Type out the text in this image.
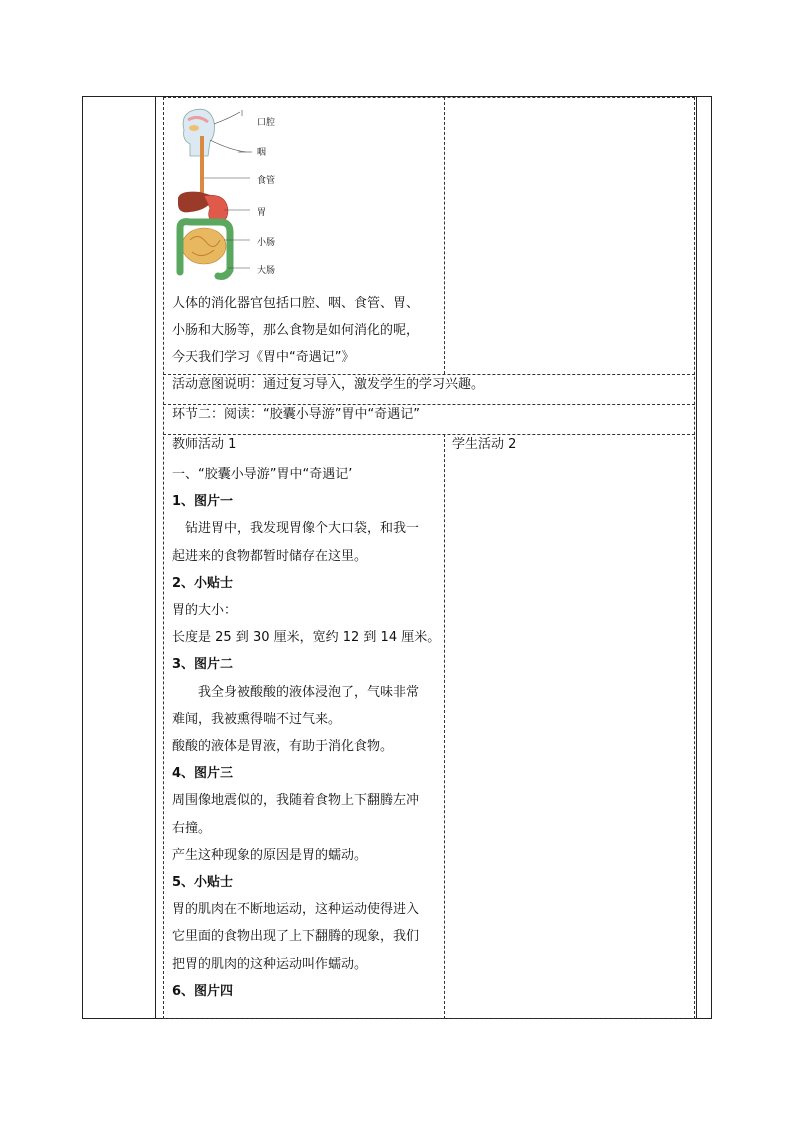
口腔
咽
食管
胃
小肠
大肠
人体的消化器官包括口腔、咽、食管、胃、
小肠和大肠等，那么食物是如何消化的呢，
今天我们学习《胃中“奇遇记”》
活动意图说明：通过复习导入，激发学生的学习兴趣。
环节二：阅读：“胶囊小导游”胃中“奇遇记”
教师活动 1	学生活动 2
一、“胶囊小导游”胃中“奇遇记’
1、图片一
　钻进胃中，我发现胃像个大口袋，和我一
起进来的食物都暂时储存在这里。
2、小贴士
胃的大小：
长度是 25 到 30 厘米，宽约 12 到 14 厘米。
3、图片二
　　我全身被酸酸的液体浸泡了，气味非常
难闻，我被熏得喘不过气来。
酸酸的液体是胃液，有助于消化食物。
4、图片三
周围像地震似的，我随着食物上下翻腾左冲
右撞。
产生这种现象的原因是胃的蠕动。
5、小贴士
胃的肌肉在不断地运动，这种运动使得进入
它里面的食物出现了上下翻腾的现象，我们
把胃的肌肉的这种运动叫作蠕动。
6、图片四
